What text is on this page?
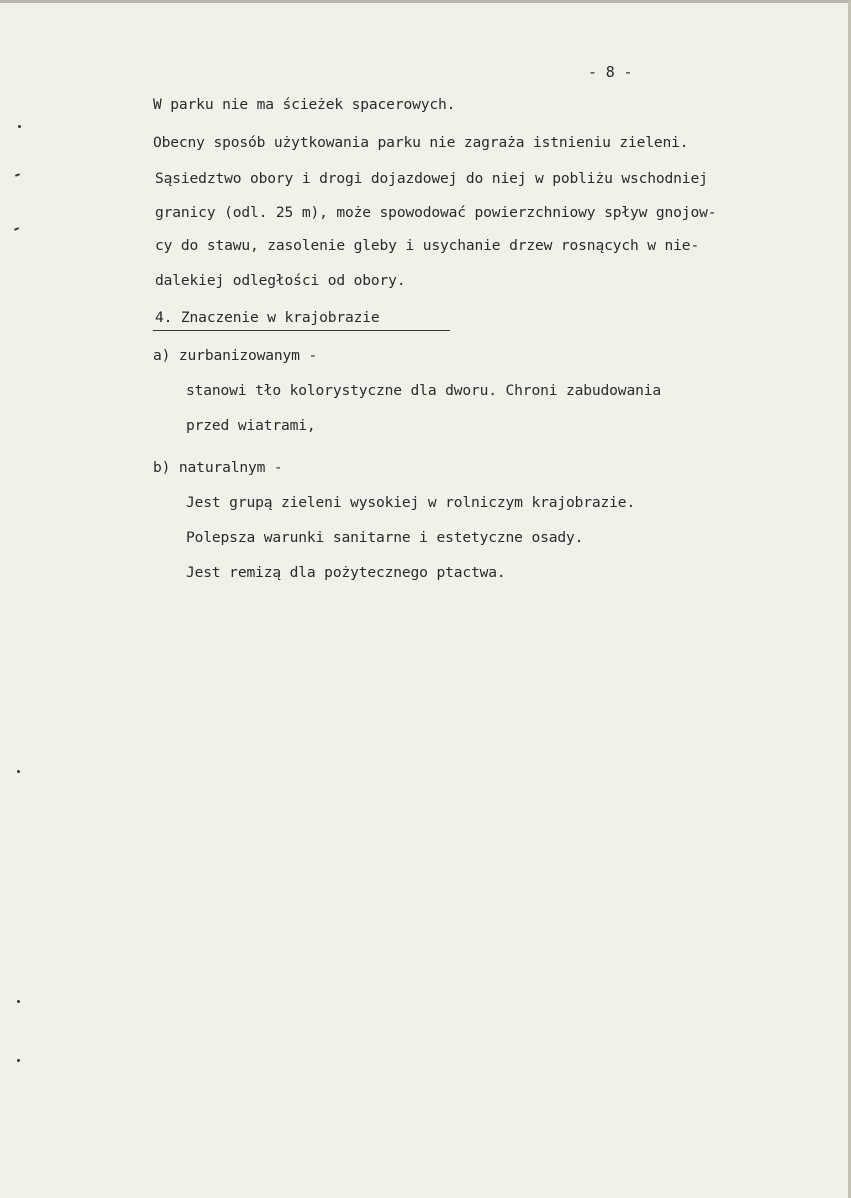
- 8 -
W parku nie ma ścieżek spacerowych.
Obecny sposób użytkowania parku nie zagraża istnieniu zieleni.
Sąsiedztwo obory i drogi dojazdowej do niej w pobliżu wschodniej
granicy (odl. 25 m), może spowodować powierzchniowy spływ gnojow-
cy do stawu, zasolenie gleby i usychanie drzew rosnących w nie-
dalekiej odległości od obory.
4. Znaczenie w krajobrazie
a) zurbanizowanym -
stanowi tło kolorystyczne dla dworu. Chroni zabudowania
przed wiatrami,
b) naturalnym -
Jest grupą zieleni wysokiej w rolniczym krajobrazie.
Polepsza warunki sanitarne i estetyczne osady.
Jest remizą dla pożytecznego ptactwa.
